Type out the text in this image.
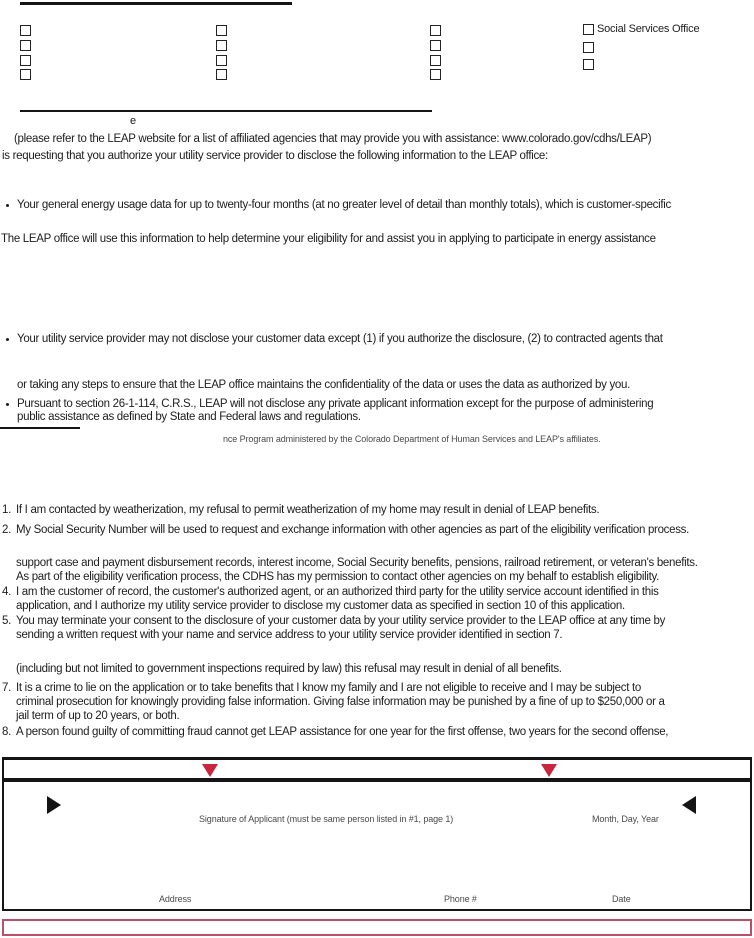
Social Services Office
e
(please refer to the LEAP website for a list of affiliated agencies that may provide you with assistance: www.colorado.gov/cdhs/LEAP)
is requesting that you authorize your utility service provider to disclose the following information to the LEAP office:
Your general energy usage data for up to twenty-four months (at no greater level of detail than monthly totals), which is customer-specific
The LEAP office will use this information to help determine your eligibility for and assist you in applying to participate in energy assistance
Your utility service provider may not disclose your customer data except (1) if you authorize the disclosure, (2) to contracted agents that
or taking any steps to ensure that the LEAP office maintains the confidentiality of the data or uses the data as authorized by you.
Pursuant to section 26-1-114, C.R.S., LEAP will not disclose any private applicant information except for the purpose of administering
public assistance as defined by State and Federal laws and regulations.
nce Program administered by the Colorado Department of Human Services and LEAP's affiliates.
1. If I am contacted by weatherization, my refusal to permit weatherization of my home may result in denial of LEAP benefits.
2. My Social Security Number will be used to request and exchange information with other agencies as part of the eligibility verification process.
support case and payment disbursement records, interest income, Social Security benefits, pensions, railroad retirement, or veteran's benefits.
As part of the eligibility verification process, the CDHS has my permission to contact other agencies on my behalf to establish eligibility.
4. I am the customer of record, the customer's authorized agent, or an authorized third party for the utility service account identified in this
application, and I authorize my utility service provider to disclose my customer data as specified in section 10 of this application.
5. You may terminate your consent to the disclosure of your customer data by your utility service provider to the LEAP office at any time by
sending a written request with your name and service address to your utility service provider identified in section 7.
(including but not limited to government inspections required by law) this refusal may result in denial of all benefits.
7. It is a crime to lie on the application or to take benefits that I know my family and I are not eligible to receive and I may be subject to
criminal prosecution for knowingly providing false information. Giving false information may be punished by a fine of up to $250,000 or a
jail term of up to 20 years, or both.
8. A person found guilty of committing fraud cannot get LEAP assistance for one year for the first offense, two years for the second offense,
Signature of Applicant (must be same person listed in #1, page 1)	Month, Day, Year
Address	Phone #	Date
